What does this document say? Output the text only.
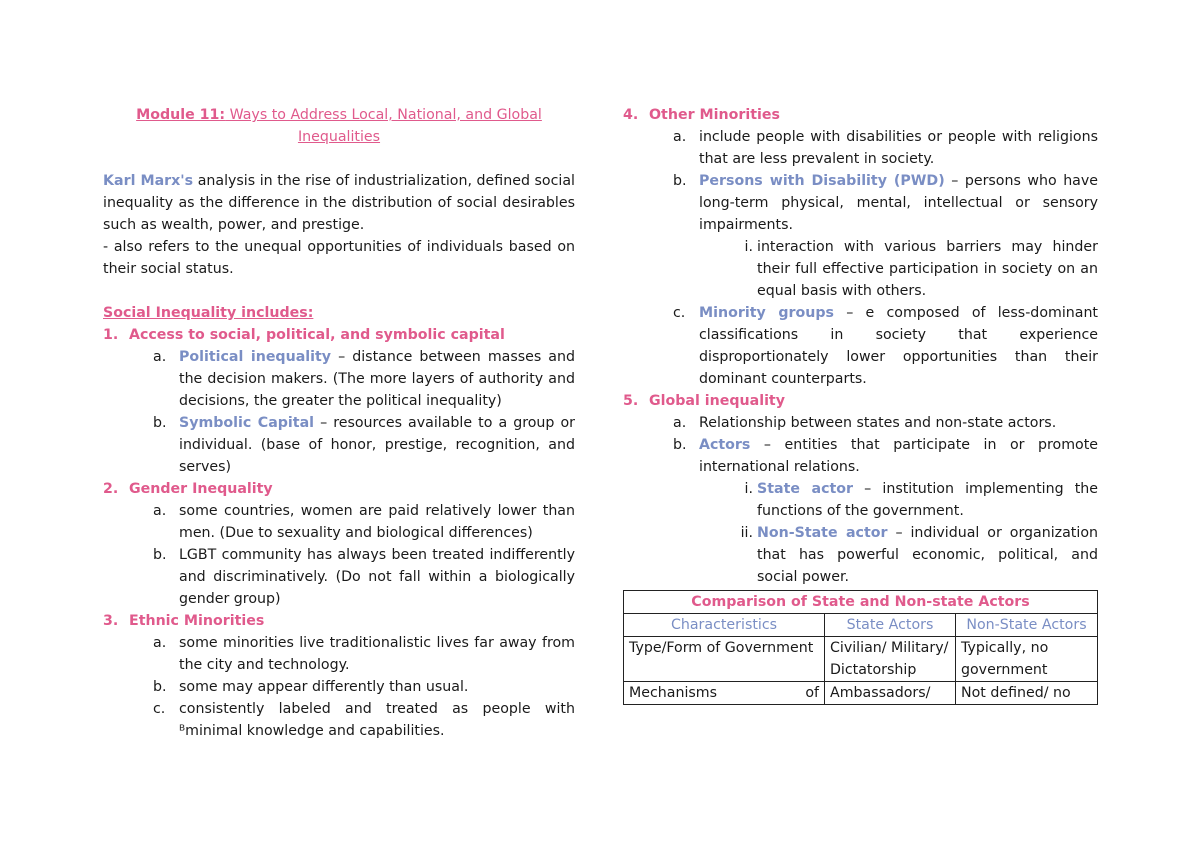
Module 11: Ways to Address Local, National, and Global Inequalities
Karl Marx's analysis in the rise of industrialization, defined social inequality as the difference in the distribution of social desirables such as wealth, power, and prestige.
- also refers to the unequal opportunities of individuals based on their social status.
Social Inequality includes:
1. Access to social, political, and symbolic capital
a. Political inequality – distance between masses and the decision makers. (The more layers of authority and decisions, the greater the political inequality)
b. Symbolic Capital – resources available to a group or individual. (base of honor, prestige, recognition, and serves)
2. Gender Inequality
a. some countries, women are paid relatively lower than men. (Due to sexuality and biological differences)
b. LGBT community has always been treated indifferently and discriminatively. (Do not fall within a biologically gender group)
3. Ethnic Minorities
a. some minorities live traditionalistic lives far away from the city and technology.
b. some may appear differently than usual.
c. consistently labeled and treated as people with ᴮminimal knowledge and capabilities.
4. Other Minorities
a. include people with disabilities or people with religions that are less prevalent in society.
b. Persons with Disability (PWD) – persons who have long-term physical, mental, intellectual or sensory impairments.
i. interaction with various barriers may hinder their full effective participation in society on an equal basis with others.
c. Minority groups – e composed of less-dominant classifications in society that experience disproportionately lower opportunities than their dominant counterparts.
5. Global inequality
a. Relationship between states and non-state actors.
b. Actors – entities that participate in or promote international relations.
i. State actor – institution implementing the functions of the government.
ii. Non-State actor – individual or organization that has powerful economic, political, and social power.
Comparison of State and Non-state Actors		
Characteristics	State Actors	Non-State Actors
Type/Form of Government	Civilian/ Military/ Dictatorship	Typically, no government
Mechanisms of	Ambassadors/	Not defined/ no
